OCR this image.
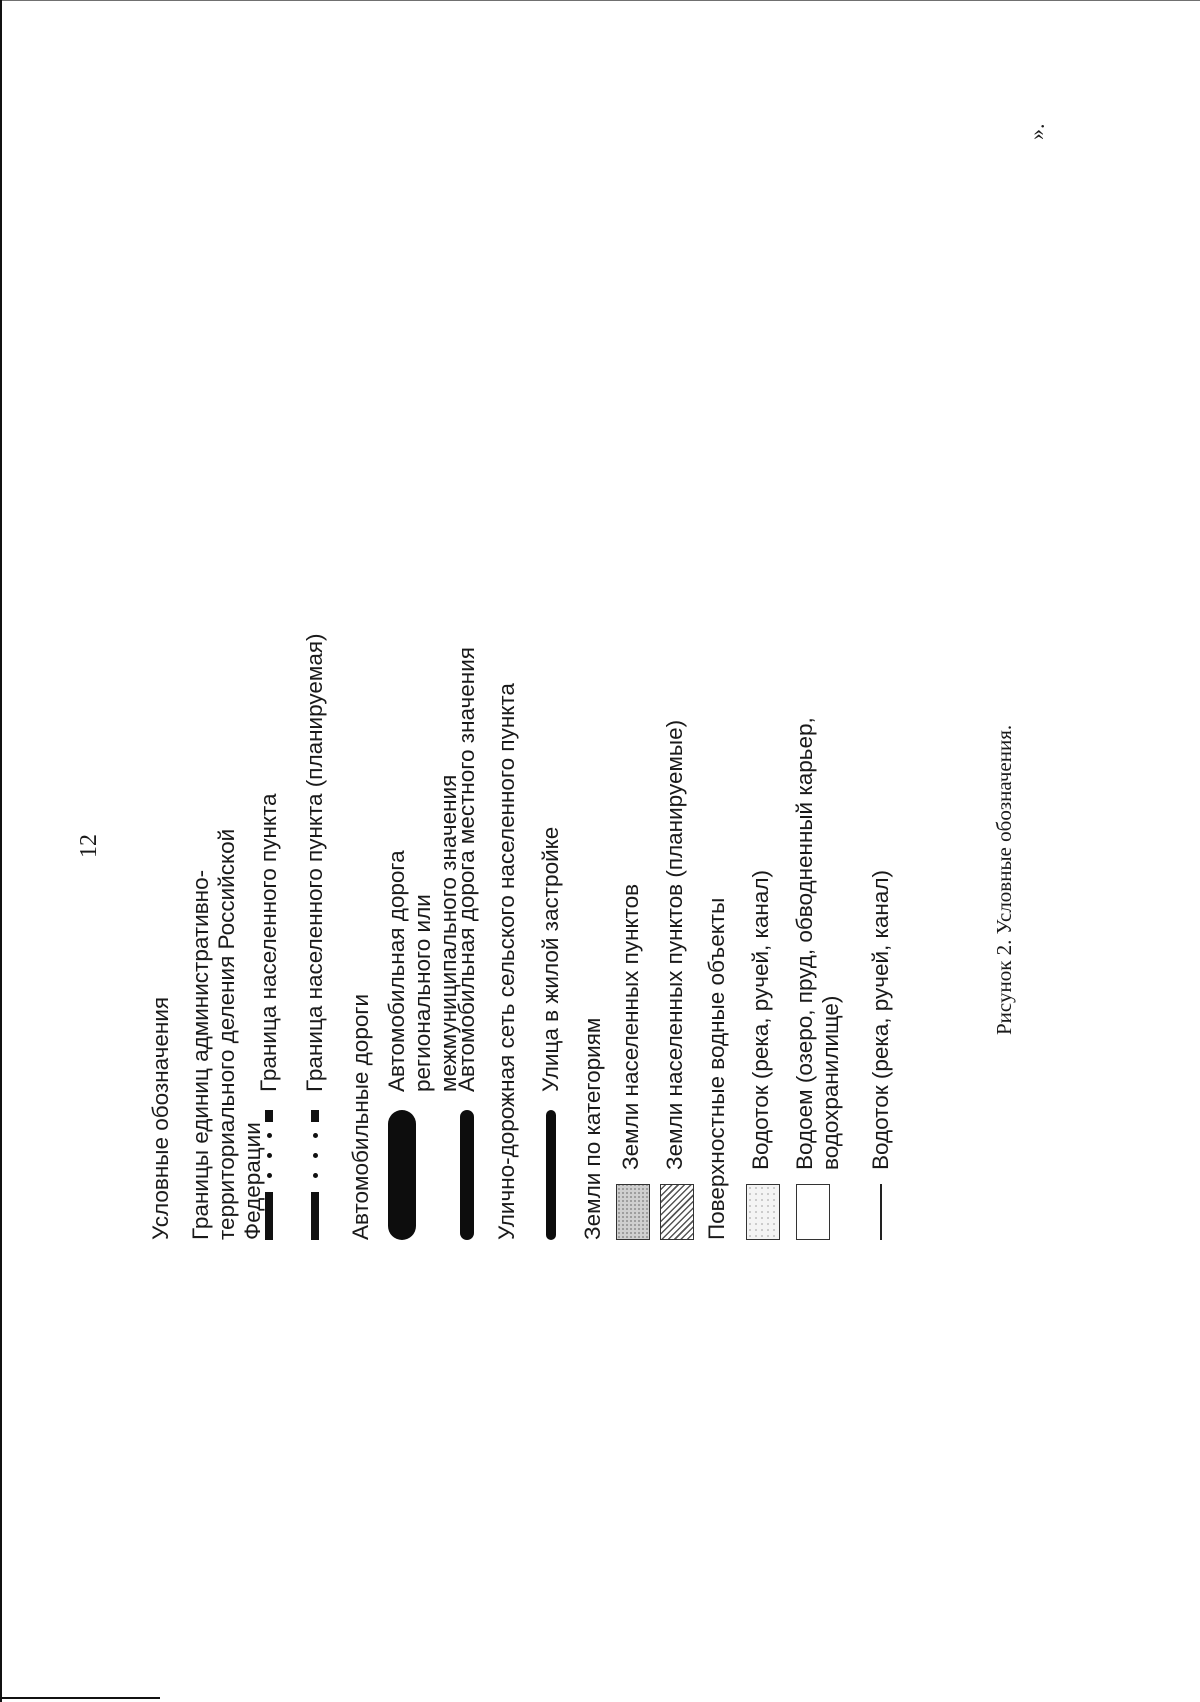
12	Рисунок 2. Условные обозначения.
».
Условные обозначения Границы единиц административно-территориального деления Российской Федерации
Граница населенного пункта Граница населенного пункта (планируемая)
Автомобильные дороги
Автомобильная дорога регионального или межмуниципального значения
Автомобильная дорога местного значения Улично-дорожная сеть сельского населенного пункта Улица в жилой застройке
Земли по категориям Земли населенных пунктов Земли населенных пунктов (планируемые) Поверхностные водные объекты Водоток (река, ручей, канал) Водоем (озеро, пруд, обводненный карьер, водохранилище) Водоток (река, ручей, канал)
